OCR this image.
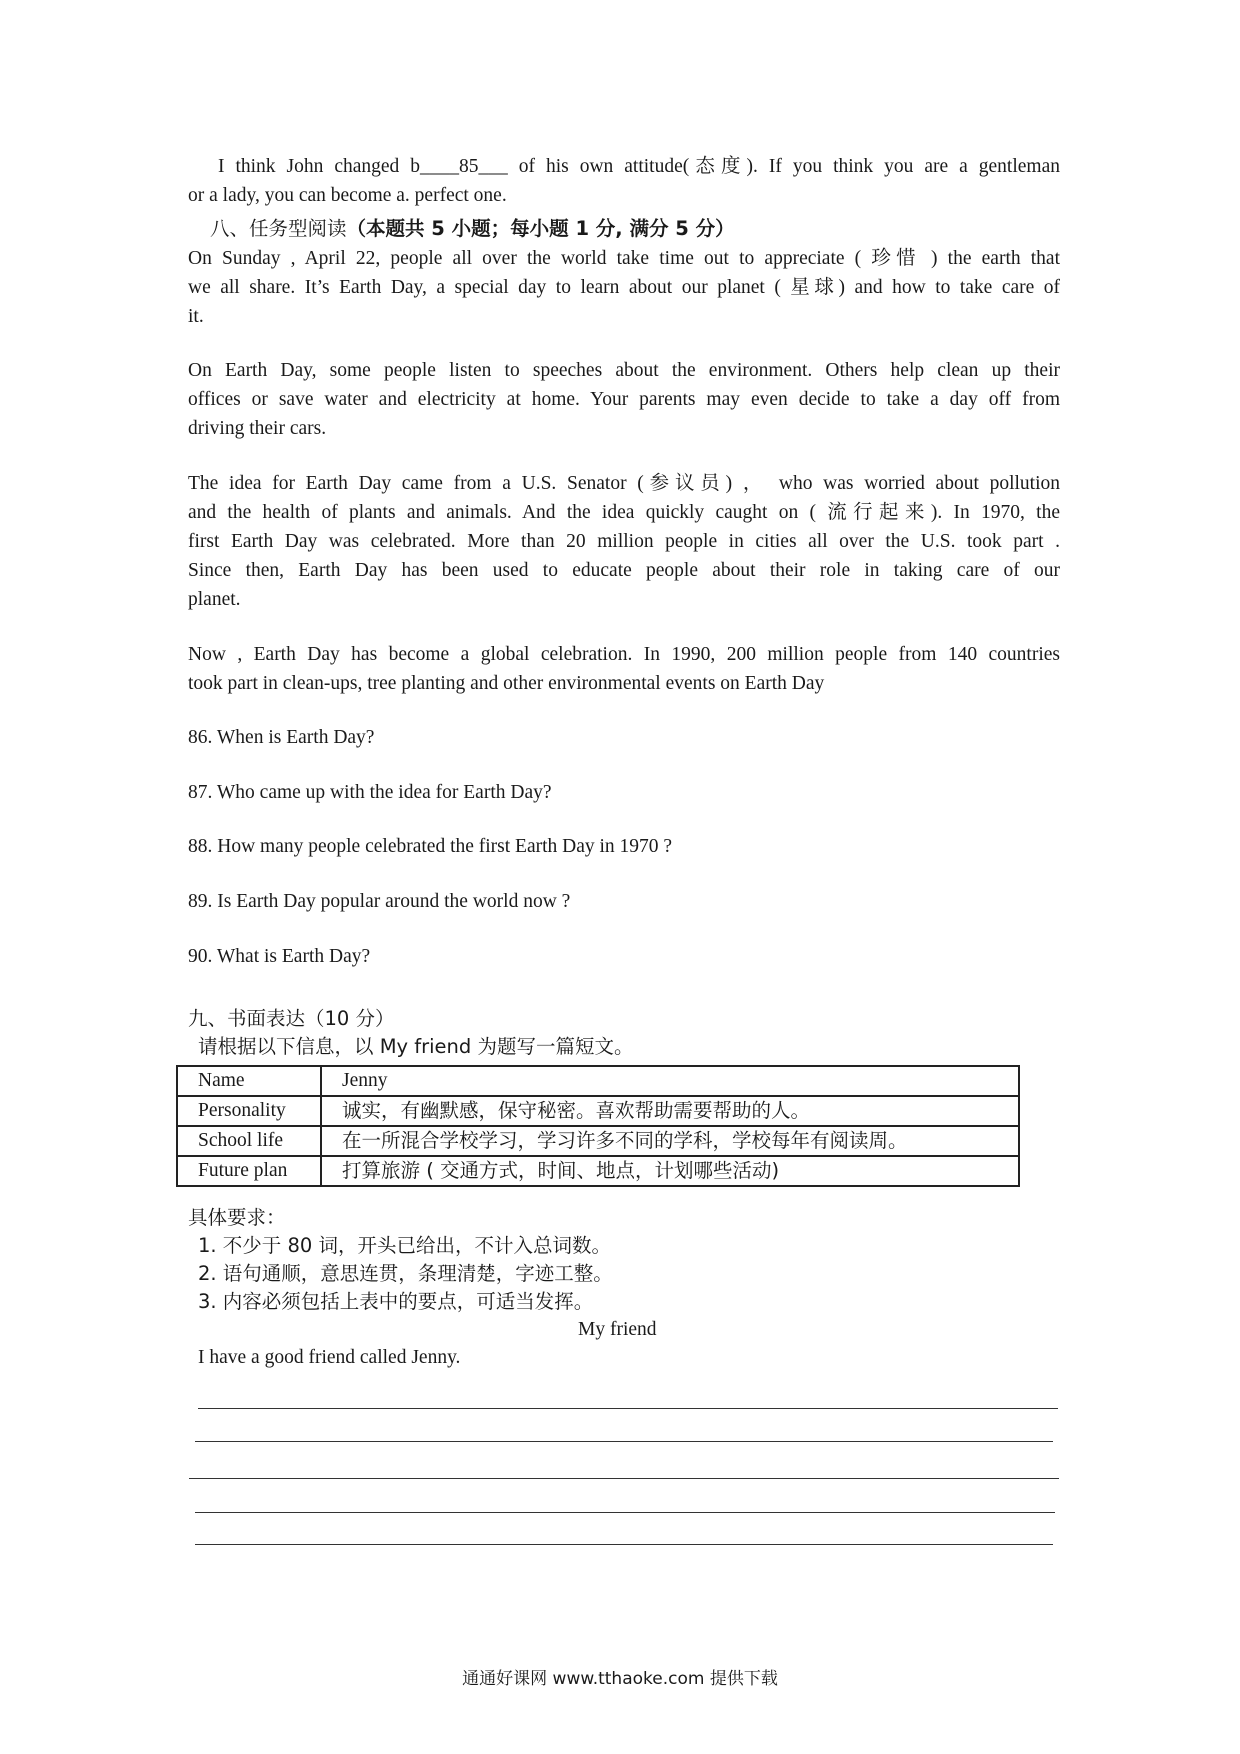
I think John changed b____85___ of his own attitude(态度). If you think you are a gentleman
or a lady, you can become a. perfect one.
八、任务型阅读（本题共 5 小题；每小题 1 分, 满分 5 分）
On Sunday , April 22, people all over the world take time out to appreciate ( 珍惜 ) the earth that
we all share. It’s Earth Day, a special day to learn about our planet ( 星球) and how to take care of
it.
On Earth Day, some people listen to speeches about the environment. Others help clean up their
offices or save water and electricity at home. Your parents may even decide to take a day off from
driving their cars.
The idea for Earth Day came from a U.S. Senator (参议员) ， who was worried about pollution
and the health of plants and animals. And the idea quickly caught on ( 流行起来). In 1970, the
first Earth Day was celebrated. More than 20 million people in cities all over the U.S. took part .
Since then, Earth Day has been used to educate people about their role in taking care of our
planet.
Now , Earth Day has become a global celebration. In 1990, 200 million people from 140 countries
took part in clean-ups, tree planting and other environmental events on Earth Day
86. When is Earth Day?
87. Who came up with the idea for Earth Day?
88. How many people celebrated the first Earth Day in 1970 ?
89. Is Earth Day popular around the world now ?
90. What is Earth Day?
九、书面表达（10 分）
请根据以下信息，以 My friend 为题写一篇短文。
Name	Jenny
Personality	诚实，有幽默感，保守秘密。喜欢帮助需要帮助的人。
School life	在一所混合学校学习，学习许多不同的学科，学校每年有阅读周。
Future plan	打算旅游 ( 交通方式，时间、地点，计划哪些活动)
具体要求：
1. 不少于 80 词，开头已给出，不计入总词数。
2. 语句通顺，意思连贯，条理清楚，字迹工整。
3. 内容必须包括上表中的要点，可适当发挥。
My friend
I have a good friend called Jenny.
通通好课网 www.tthaoke.com 提供下载
